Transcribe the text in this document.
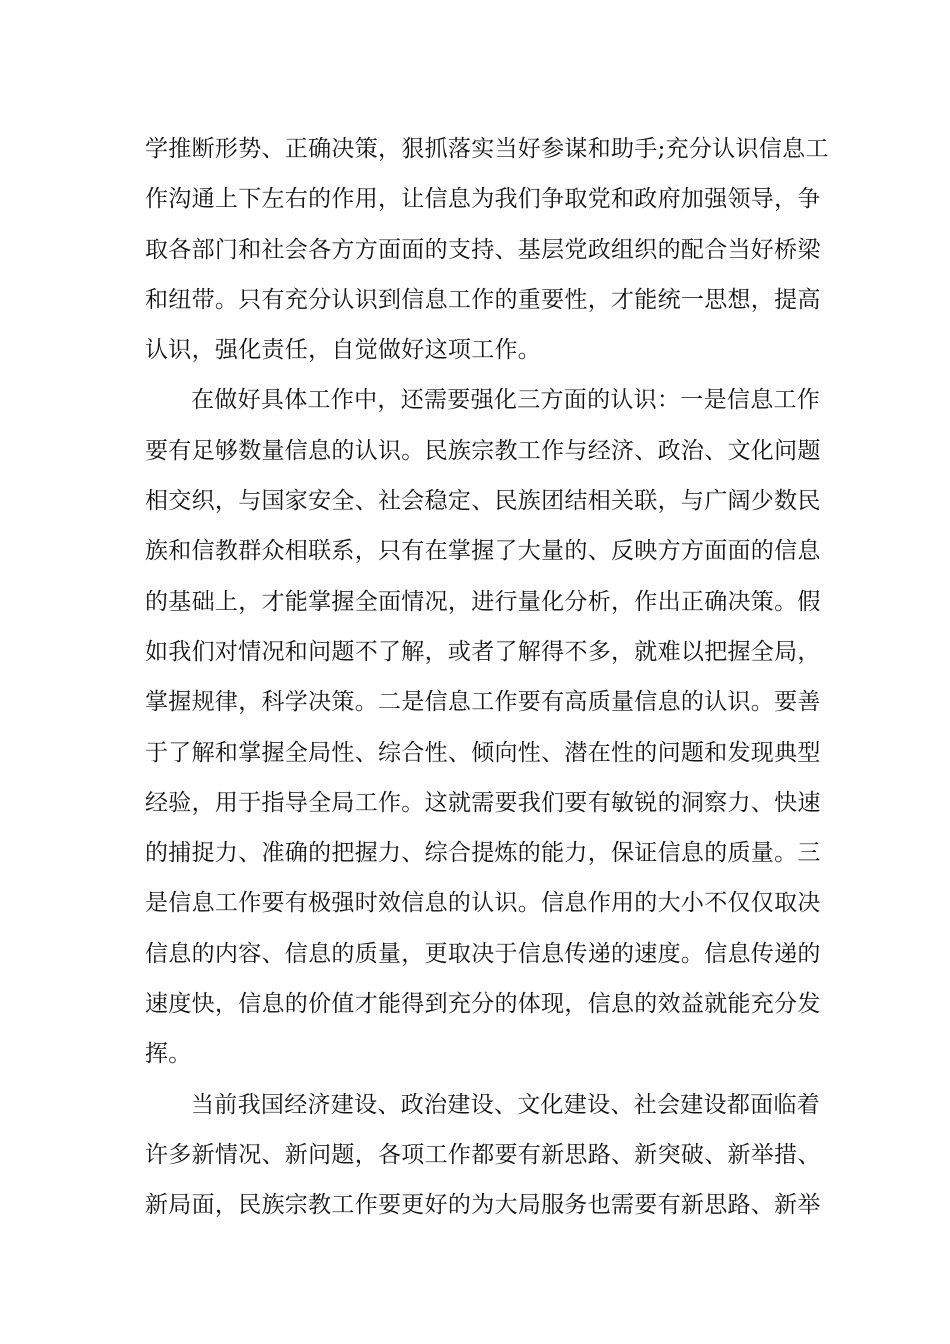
学推断形势、正确决策，狠抓落实当好参谋和助手;充分认识信息工
作沟通上下左右的作用，让信息为我们争取党和政府加强领导，争
取各部门和社会各方方面面的支持、基层党政组织的配合当好桥梁
和纽带。只有充分认识到信息工作的重要性，才能统一思想，提高
认识，强化责任，自觉做好这项工作。

在做好具体工作中，还需要强化三方面的认识：一是信息工作
要有足够数量信息的认识。民族宗教工作与经济、政治、文化问题
相交织，与国家安全、社会稳定、民族团结相关联，与广阔少数民
族和信教群众相联系，只有在掌握了大量的、反映方方面面的信息
的基础上，才能掌握全面情况，进行量化分析，作出正确决策。假
如我们对情况和问题不了解，或者了解得不多，就难以把握全局，
掌握规律，科学决策。二是信息工作要有高质量信息的认识。要善
于了解和掌握全局性、综合性、倾向性、潜在性的问题和发现典型
经验，用于指导全局工作。这就需要我们要有敏锐的洞察力、快速
的捕捉力、准确的把握力、综合提炼的能力，保证信息的质量。三
是信息工作要有极强时效信息的认识。信息作用的大小不仅仅取决
信息的内容、信息的质量，更取决于信息传递的速度。信息传递的
速度快，信息的价值才能得到充分的体现，信息的效益就能充分发
挥。

当前我国经济建设、政治建设、文化建设、社会建设都面临着
许多新情况、新问题，各项工作都要有新思路、新突破、新举措、
新局面，民族宗教工作要更好的为大局服务也需要有新思路、新举
